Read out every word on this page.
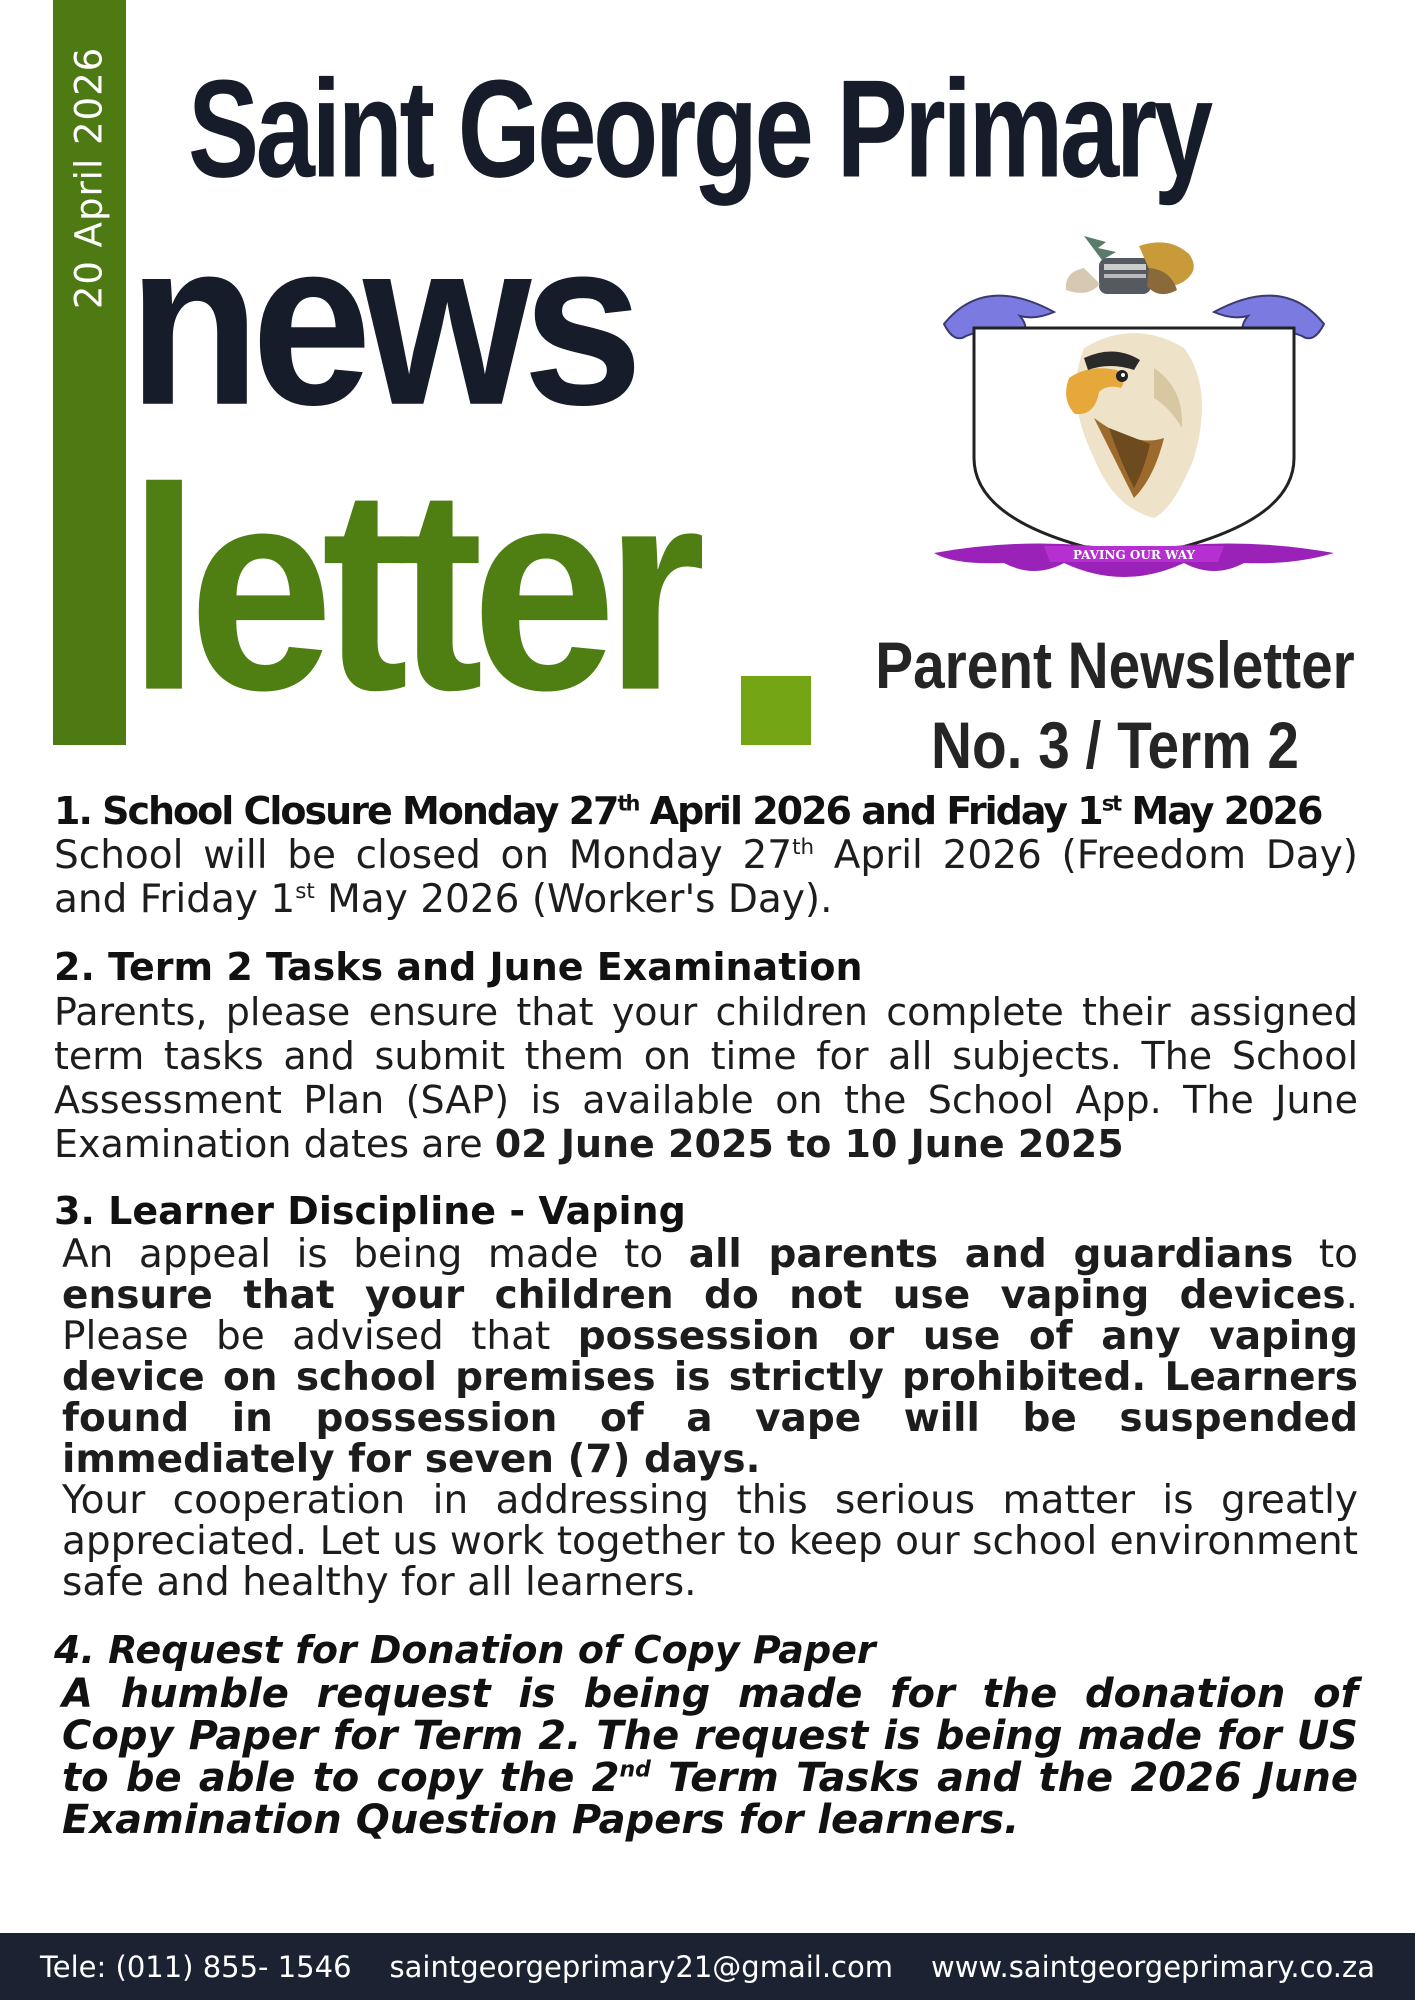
20 April 2026 Saint George Primary
news
letter	PAVING OUR WAY
Parent Newsletter
No. 3 / Term 2
1. School Closure Monday 27th April 2026 and Friday 1st May 2026

School will be closed on Monday 27th April 2026 (Freedom Day) and Friday 1st May 2026 (Worker's Day).

2. Term 2 Tasks and June Examination

Parents, please ensure that your children complete their assigned term tasks and submit them on time for all subjects. The School Assessment Plan (SAP) is available on the School App. The June Examination dates are 02 June 2025 to 10 June 2025

3. Learner Discipline - Vaping

An appeal is being made to all parents and guardians to ensure that your children do not use vaping devices. Please be advised that possession or use of any vaping device on school premises is strictly prohibited. Learners found in possession of a vape will be suspended immediately for seven (7) days.

Your cooperation in addressing this serious matter is greatly appreciated. Let us work together to keep our school environment safe and healthy for all learners.

4. Request for Donation of Copy Paper

A humble request is being made for the donation of Copy Paper for Term 2. The request is being made for US to be able to copy the 2nd Term Tasks and the 2026 June Examination Question Papers for learners.

Tele: (011) 855- 1546 saintgeorgeprimary21@gmail.com www.saintgeorgeprimary.co.za
